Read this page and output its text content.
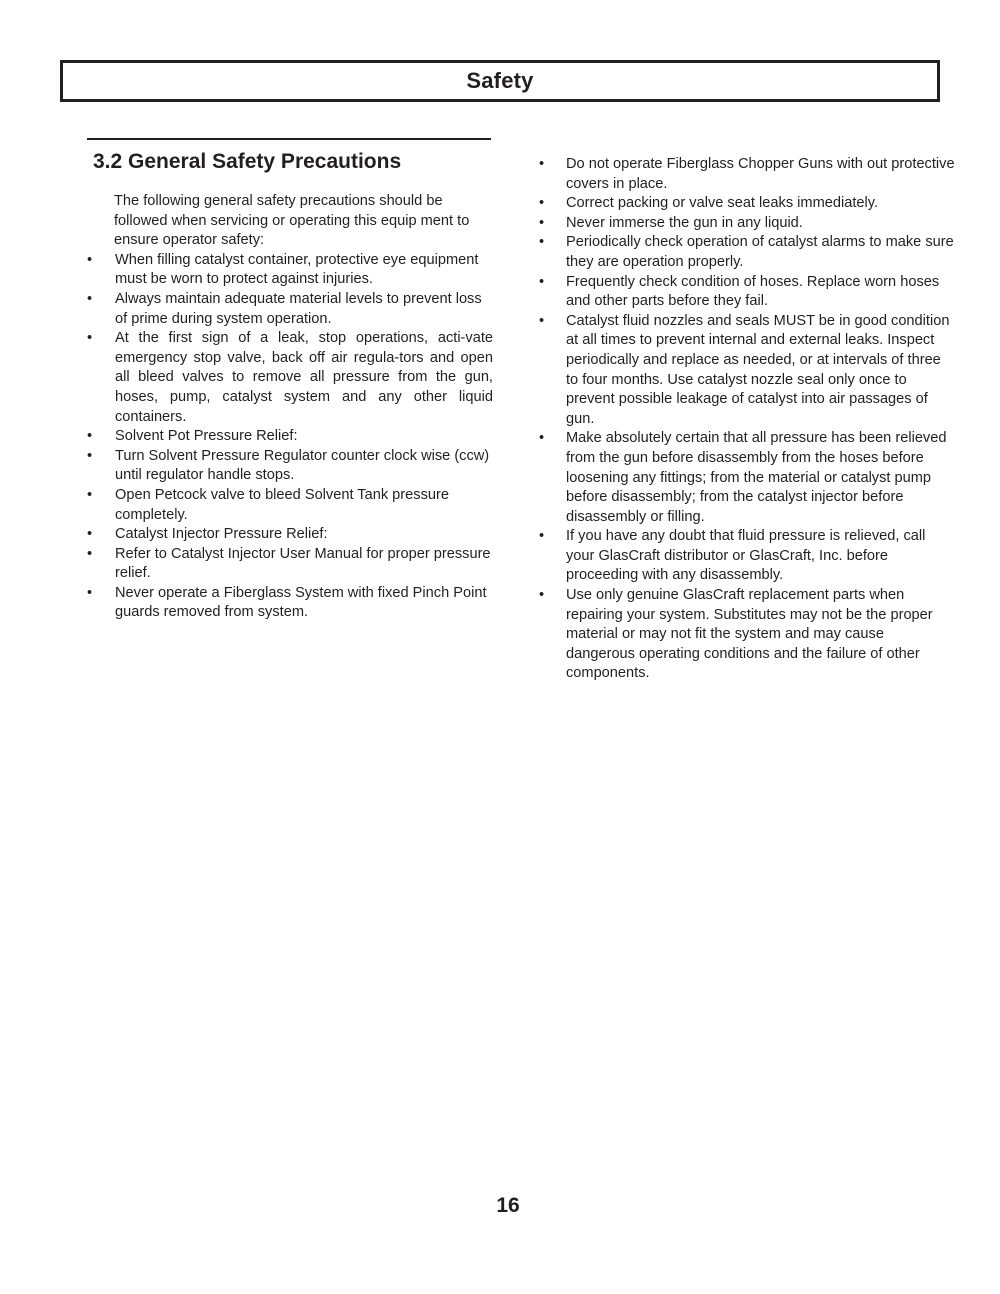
Safety
3.2 General Safety Precautions
The following general safety precautions should be followed when servicing or operating this equip ment to ensure operator safety:
• When filling catalyst container, protective eye equipment must be worn to protect against injuries.
• Always maintain adequate material levels to prevent loss of prime during system operation.
• At the first sign of a leak, stop operations, acti-vate emergency stop valve, back off air regula-tors and open all bleed valves to remove all pressure from the gun, hoses, pump, catalyst system and any other liquid containers.
• Solvent Pot Pressure Relief:
• Turn Solvent Pressure Regulator counter clock wise (ccw) until regulator handle stops.
• Open Petcock valve to bleed Solvent Tank pressure completely.
• Catalyst Injector Pressure Relief:
• Refer to Catalyst Injector User Manual for proper pressure relief.
• Never operate a Fiberglass System with fixed Pinch Point guards removed from system.
• Do not operate Fiberglass Chopper Guns with out protective covers in place.
• Correct packing or valve seat leaks immediately.
• Never immerse the gun in any liquid.
• Periodically check operation of catalyst alarms to make sure they are operation properly.
• Frequently check condition of hoses. Replace worn hoses and other parts before they fail.
• Catalyst fluid nozzles and seals MUST be in good condition at all times to prevent internal and external leaks. Inspect periodically and replace as needed, or at intervals of three to four months. Use catalyst nozzle seal only once to prevent possible leakage of catalyst into air passages of gun.
• Make absolutely certain that all pressure has been relieved from the gun before disassembly from the hoses before loosening any fittings; from the material or catalyst pump before disassembly; from the catalyst injector before disassembly or filling.
• If you have any doubt that fluid pressure is relieved, call your GlasCraft distributor or GlasCraft, Inc. before proceeding with any disassembly.
• Use only genuine GlasCraft replacement parts when repairing your system. Substitutes may not be the proper material or may not fit the system and may cause dangerous operating conditions and the failure of other components.
16
